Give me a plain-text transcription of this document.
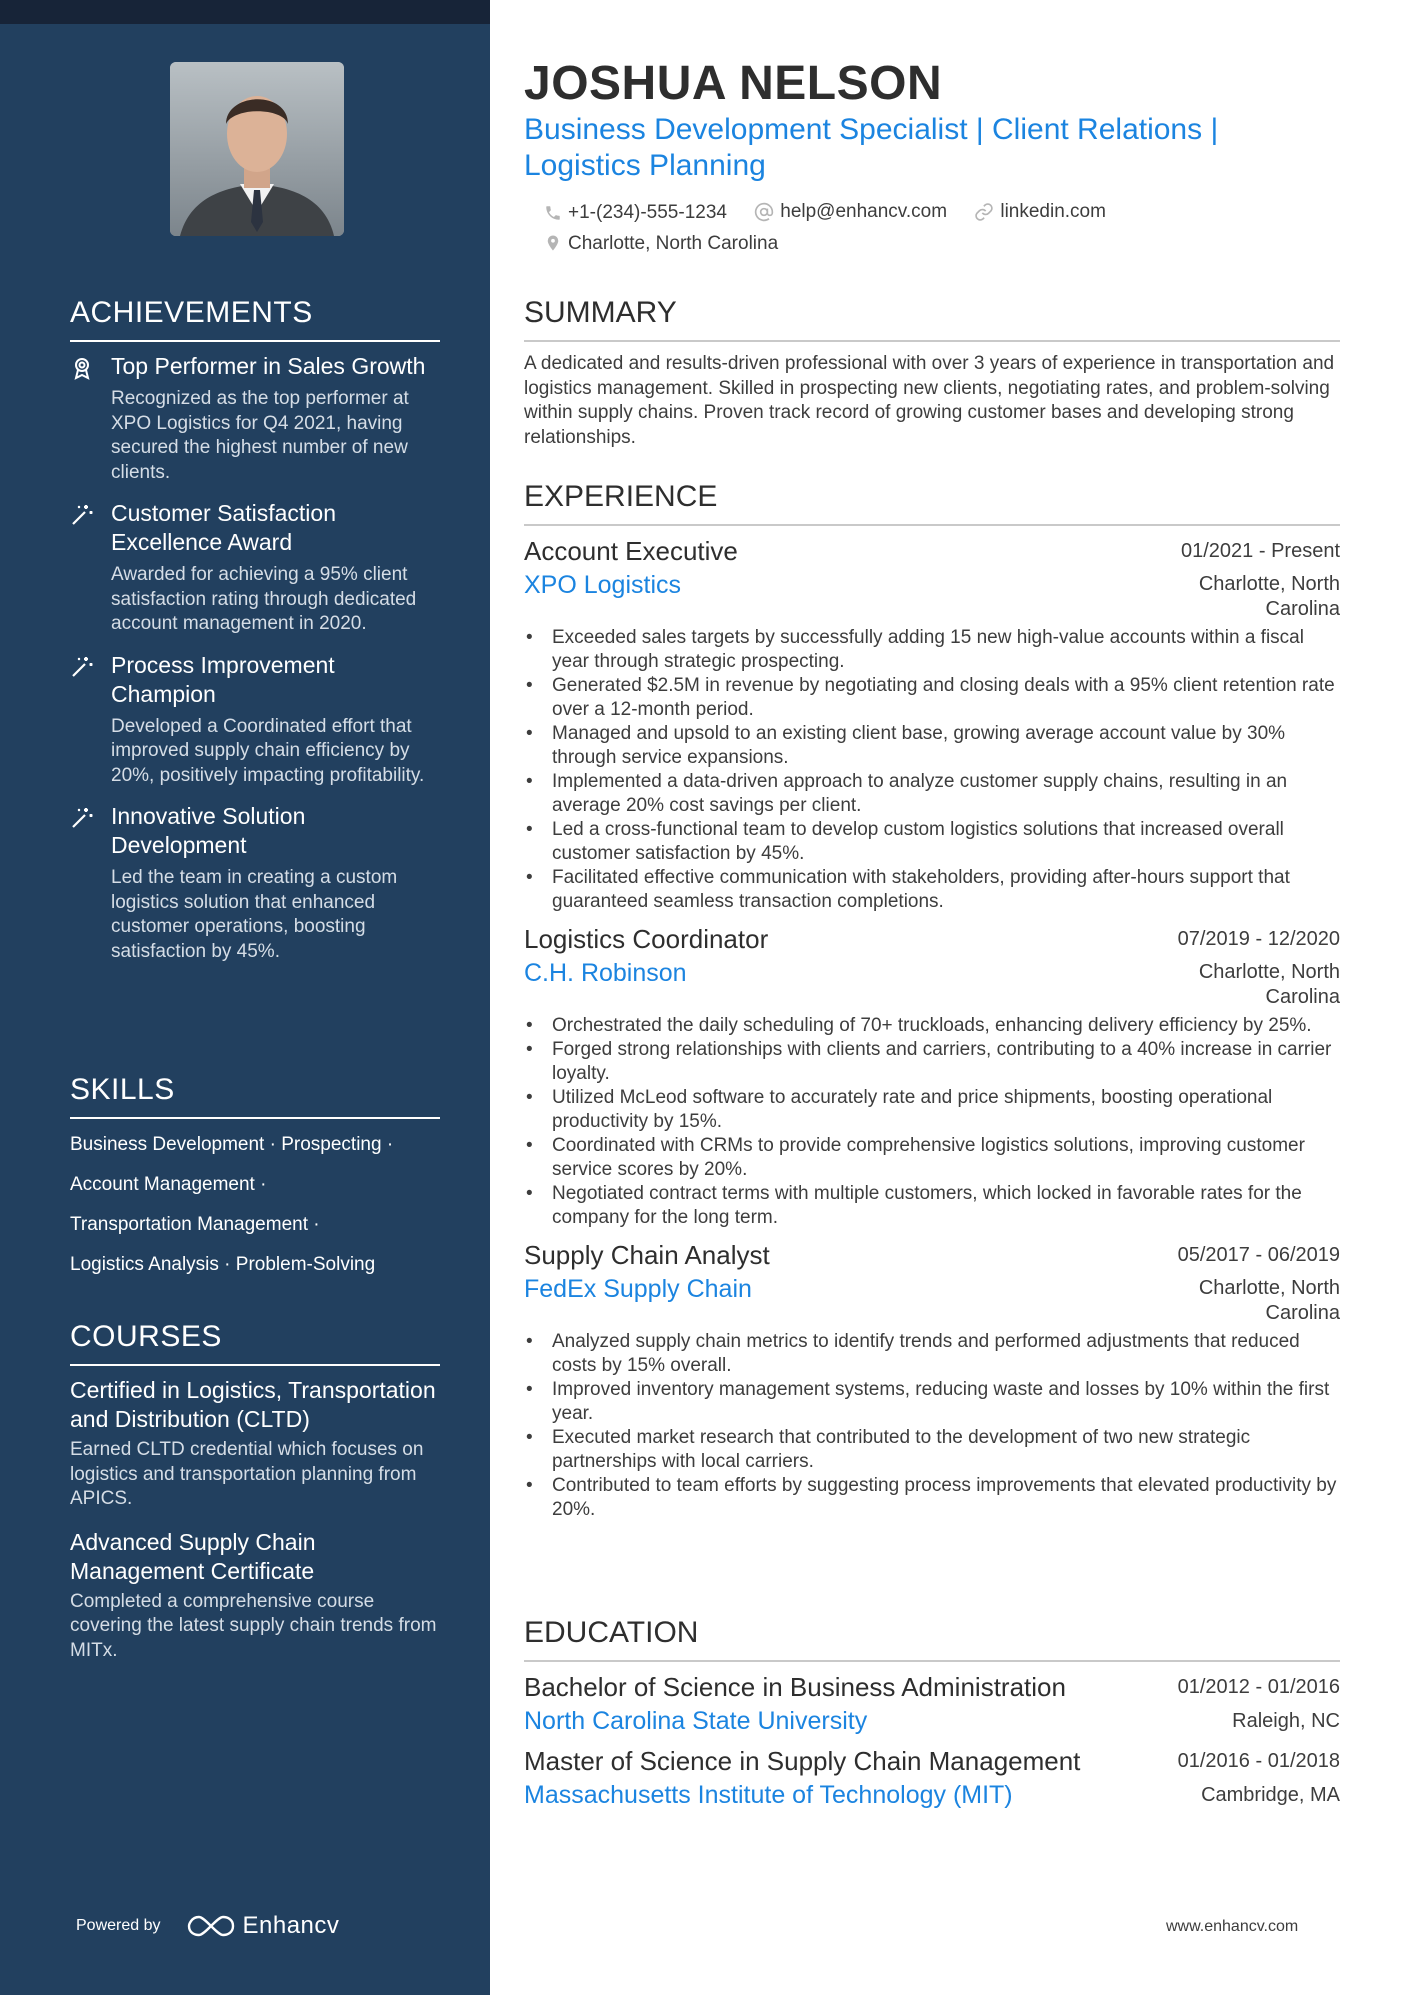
ACHIEVEMENTS
Top Performer in Sales Growth
Recognized as the top performer at XPO Logistics for Q4 2021, having secured the highest number of new clients.
Customer Satisfaction Excellence Award
Awarded for achieving a 95% client satisfaction rating through dedicated account management in 2020.
Process Improvement Champion
Developed a Coordinated effort that improved supply chain efficiency by 20%, positively impacting profitability.
Innovative Solution Development
Led the team in creating a custom logistics solution that enhanced customer operations, boosting satisfaction by 45%.
SKILLS
Business Development · Prospecting ·
Account Management ·
Transportation Management ·
Logistics Analysis · Problem-Solving
COURSES
Certified in Logistics, Transportation and Distribution (CLTD)
Earned CLTD credential which focuses on logistics and transportation planning from APICS.
Advanced Supply Chain Management Certificate
Completed a comprehensive course covering the latest supply chain trends from MITx.
Powered by	Enhancv
JOSHUA NELSON
Business Development Specialist | Client Relations | Logistics Planning
+1-(234)-555-1234
	help@enhancv.com
	linkedin.com

Charlotte, North Carolina
SUMMARY
A dedicated and results-driven professional with over 3 years of experience in transportation and logistics management. Skilled in prospecting new clients, negotiating rates, and problem-solving within supply chains. Proven track record of growing customer bases and developing strong relationships.
EXPERIENCE
Account Executive	01/2021 - Present
XPO Logistics	Charlotte, North Carolina
• Exceeded sales targets by successfully adding 15 new high-value accounts within a fiscal year through strategic prospecting.
• Generated $2.5M in revenue by negotiating and closing deals with a 95% client retention rate over a 12-month period.
• Managed and upsold to an existing client base, growing average account value by 30% through service expansions.
• Implemented a data-driven approach to analyze customer supply chains, resulting in an average 20% cost savings per client.
• Led a cross-functional team to develop custom logistics solutions that increased overall customer satisfaction by 45%.
• Facilitated effective communication with stakeholders, providing after-hours support that guaranteed seamless transaction completions.
Logistics Coordinator	07/2019 - 12/2020
C.H. Robinson	Charlotte, North Carolina
• Orchestrated the daily scheduling of 70+ truckloads, enhancing delivery efficiency by 25%.
• Forged strong relationships with clients and carriers, contributing to a 40% increase in carrier loyalty.
• Utilized McLeod software to accurately rate and price shipments, boosting operational productivity by 15%.
• Coordinated with CRMs to provide comprehensive logistics solutions, improving customer service scores by 20%.
• Negotiated contract terms with multiple customers, which locked in favorable rates for the company for the long term.
Supply Chain Analyst	05/2017 - 06/2019
FedEx Supply Chain	Charlotte, North Carolina
• Analyzed supply chain metrics to identify trends and performed adjustments that reduced costs by 15% overall.
• Improved inventory management systems, reducing waste and losses by 10% within the first year.
• Executed market research that contributed to the development of two new strategic partnerships with local carriers.
• Contributed to team efforts by suggesting process improvements that elevated productivity by 20%.
EDUCATION
Bachelor of Science in Business Administration	01/2012 - 01/2016
North Carolina State University	Raleigh, NC
Master of Science in Supply Chain Management	01/2016 - 01/2018
Massachusetts Institute of Technology (MIT)	Cambridge, MA
www.enhancv.com
